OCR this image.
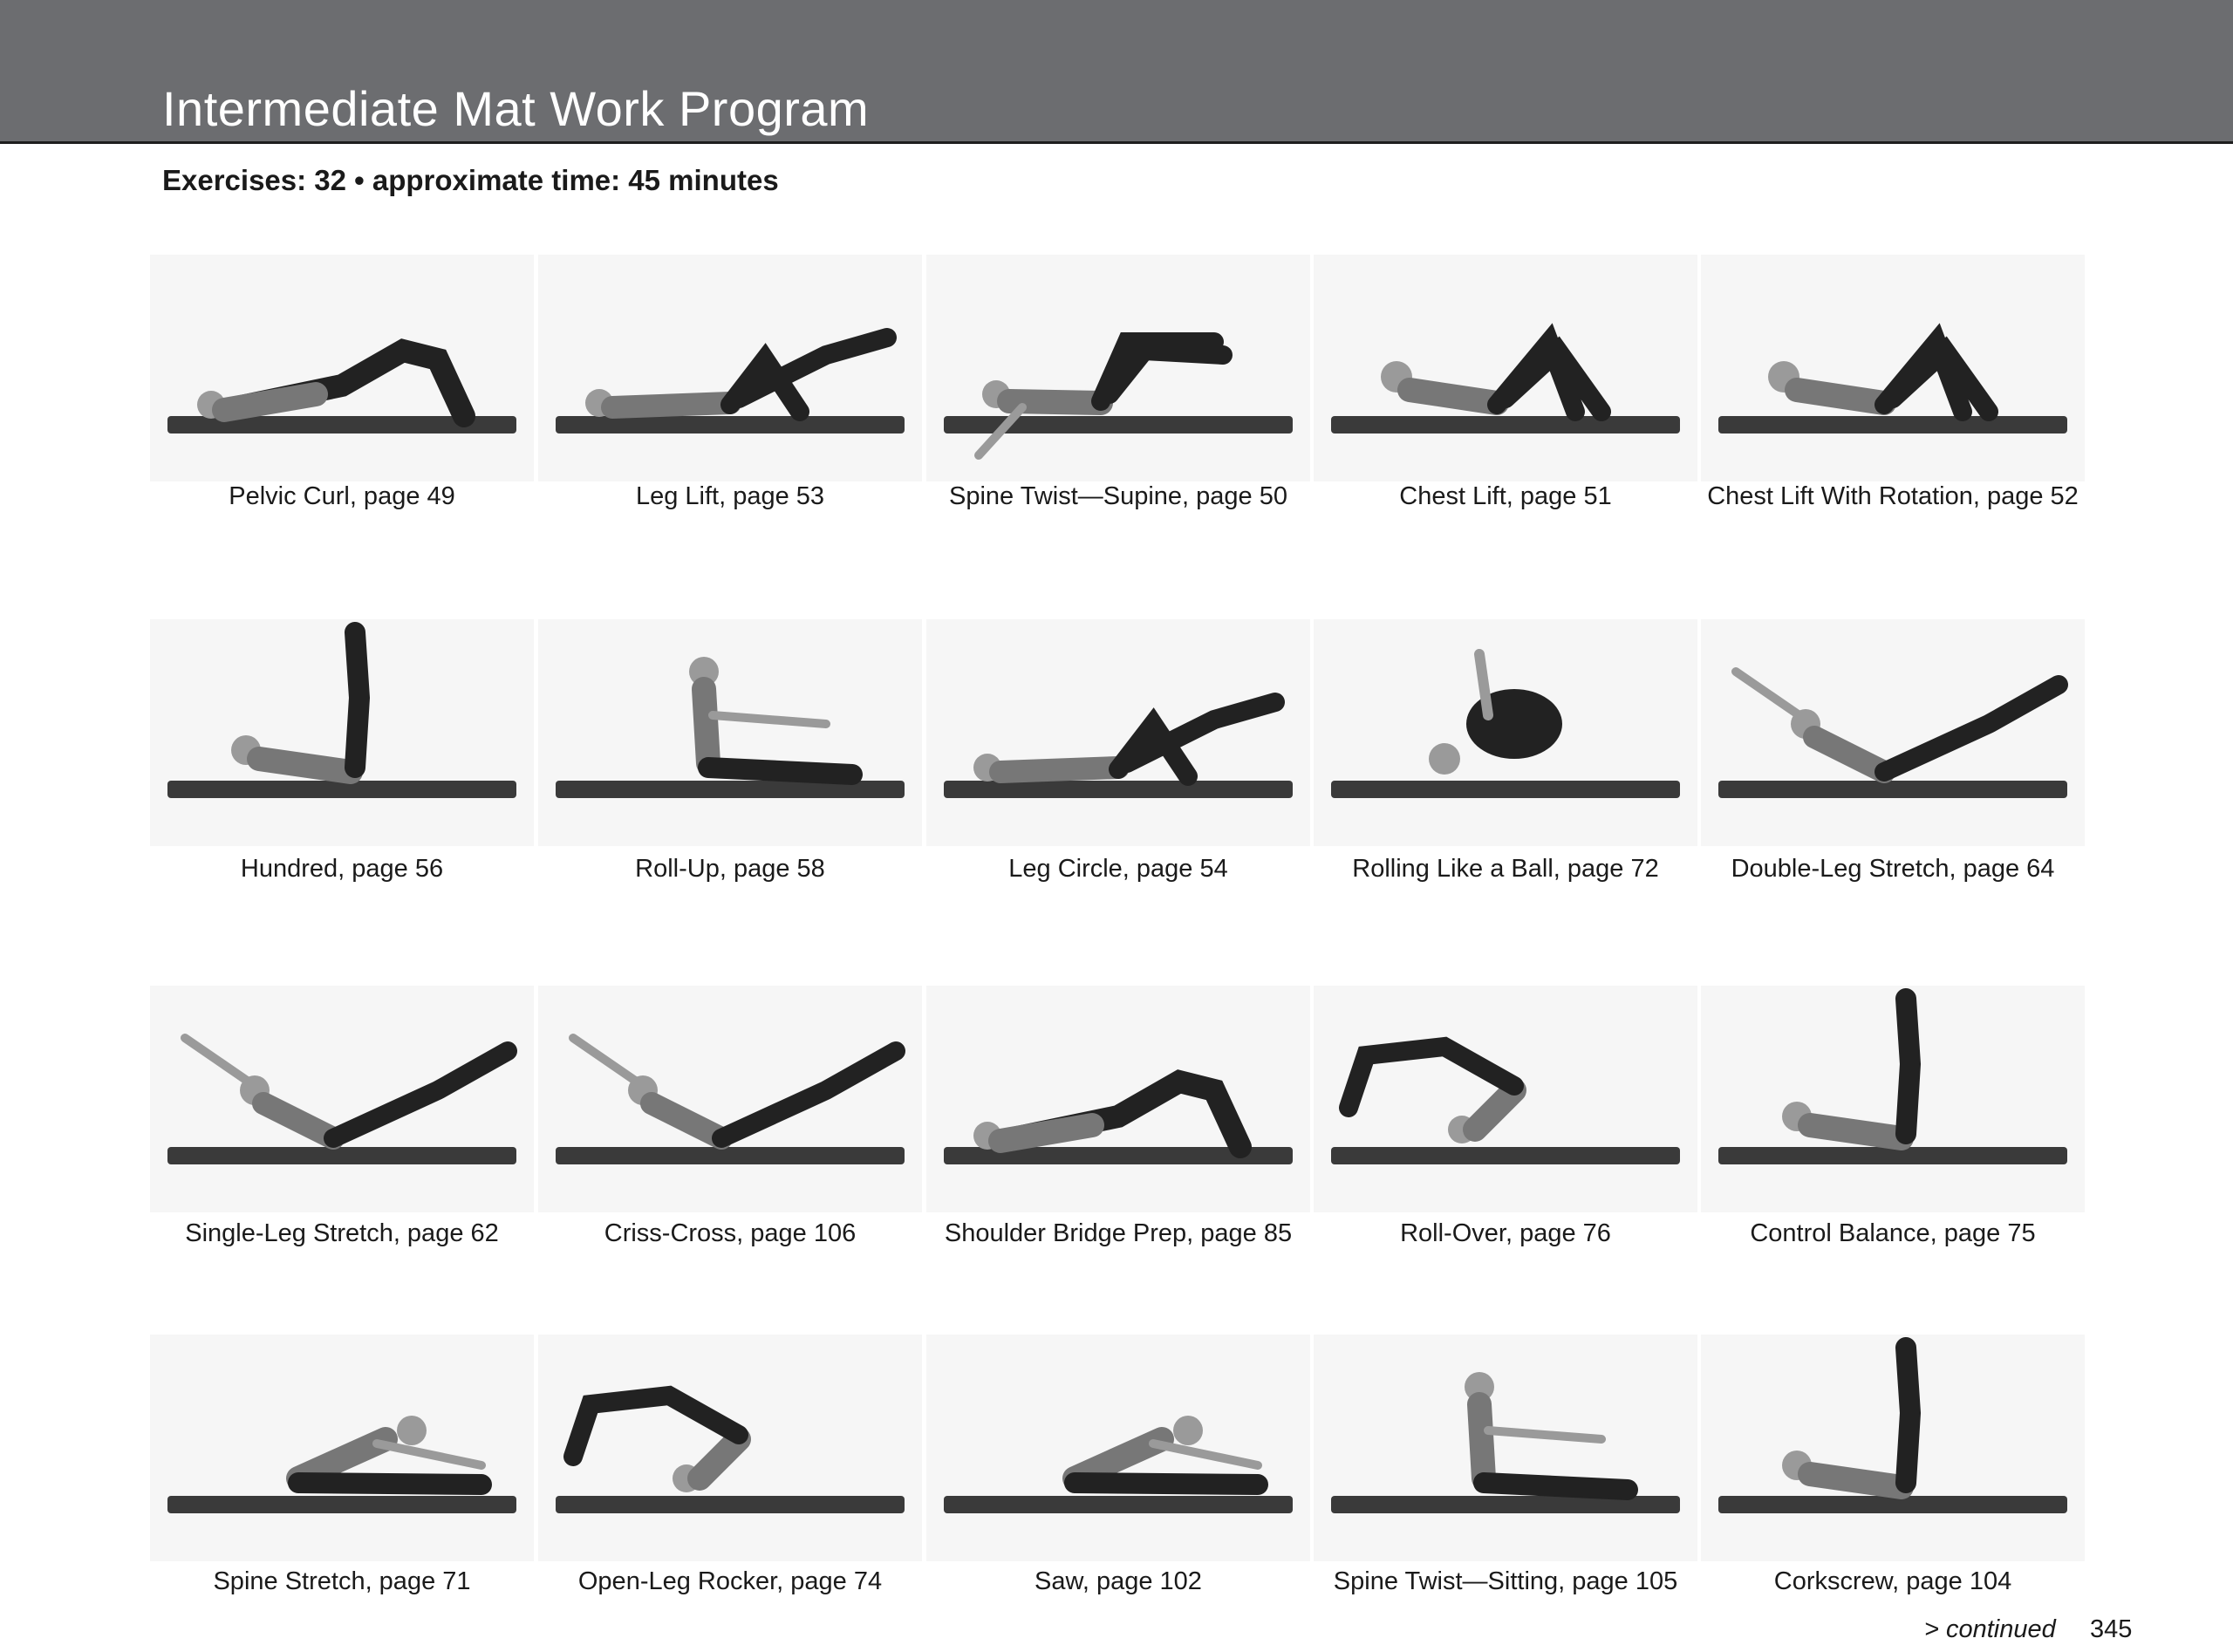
Intermediate Mat Work Program
Exercises: 32 • approximate time: 45 minutes
Pelvic Curl, page 49	Leg Lift, page 53	Spine Twist—Supine, page 50	Chest Lift, page 51	Chest Lift With Rotation, page 52
Hundred, page 56	Roll-Up, page 58	Leg Circle, page 54	Rolling Like a Ball, page 72	Double-Leg Stretch, page 64
Single-Leg Stretch, page 62	Criss-Cross, page 106	Shoulder Bridge Prep, page 85	Roll-Over, page 76	Control Balance, page 75
Spine Stretch, page 71	Open-Leg Rocker, page 74	Saw, page 102	Spine Twist—Sitting, page 105	Corkscrew, page 104
> continued 345
